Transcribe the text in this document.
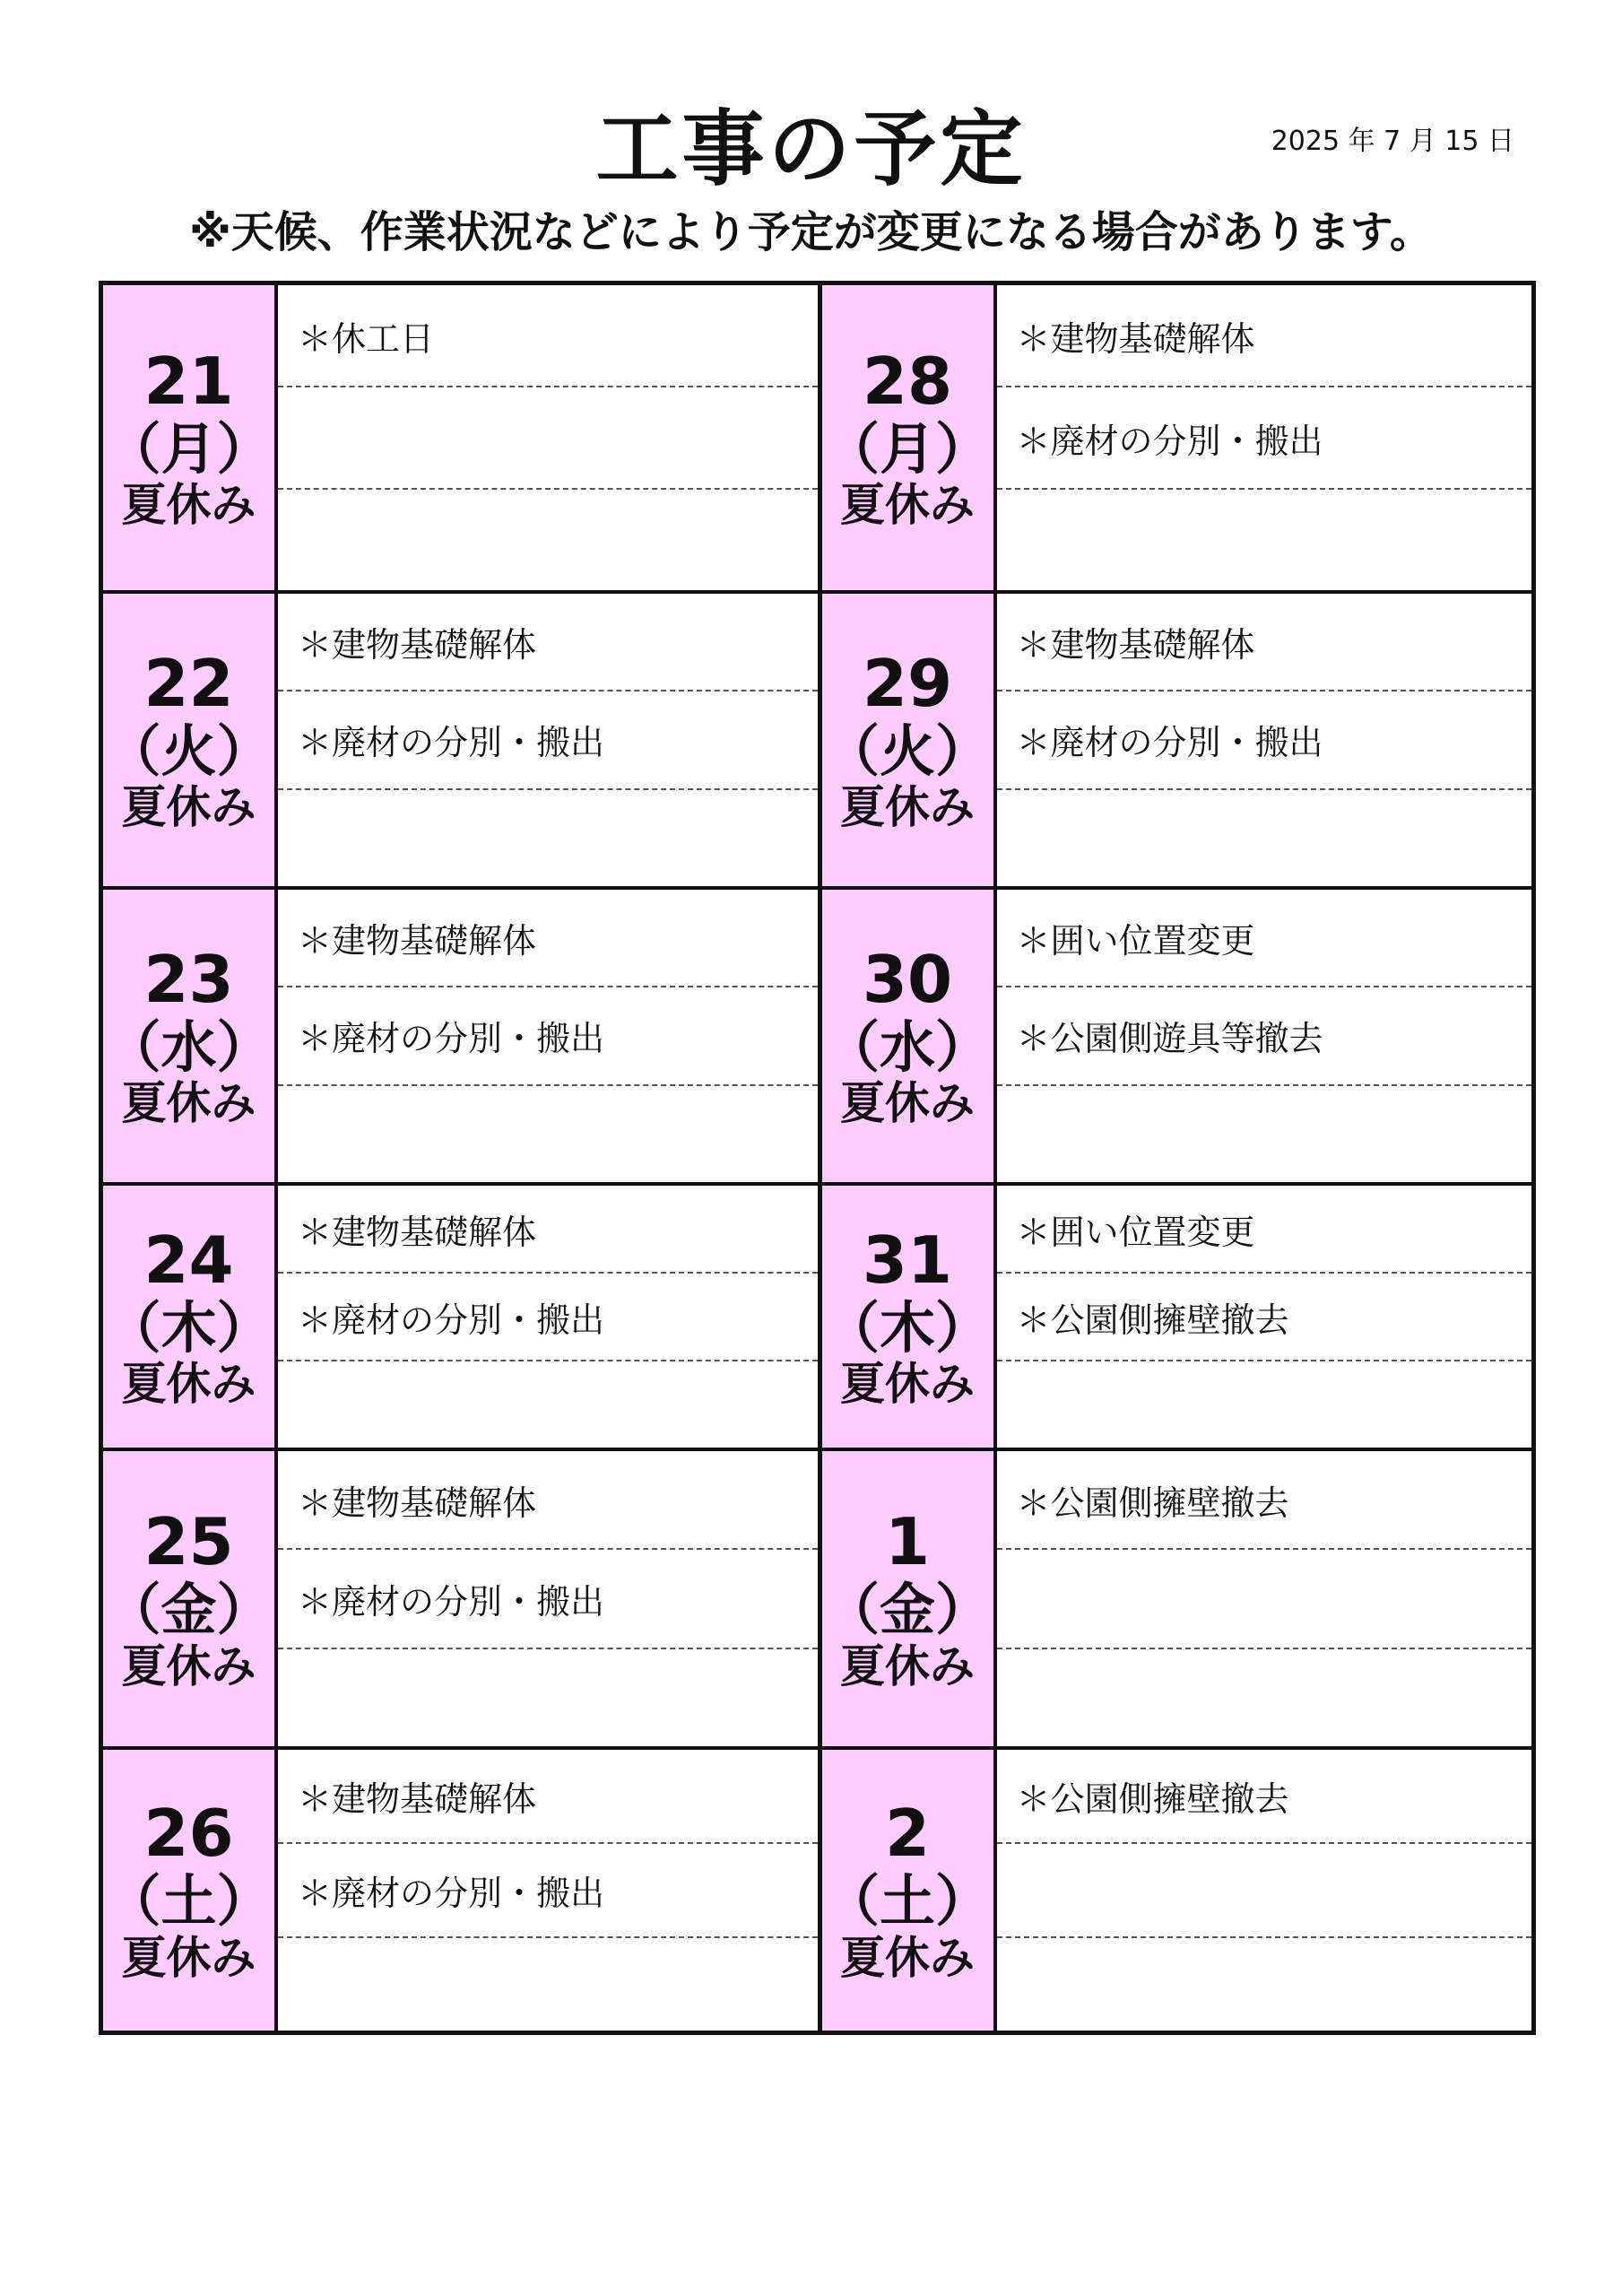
工事の予定	2025 年 7 月 15 日
※天候、作業状況などにより予定が変更になる場合があります。
21
（月）
夏休み
＊休工日
28
（月）
夏休み
＊建物基礎解体
＊廃材の分別・搬出
22
（火）
夏休み
＊建物基礎解体
＊廃材の分別・搬出
29
（火）
夏休み
＊建物基礎解体
＊廃材の分別・搬出
23
（水）
夏休み
＊建物基礎解体
＊廃材の分別・搬出
30
（水）
夏休み
＊囲い位置変更
＊公園側遊具等撤去
24
（木）
夏休み
＊建物基礎解体
＊廃材の分別・搬出
31
（木）
夏休み
＊囲い位置変更
＊公園側擁壁撤去
25
（金）
夏休み
＊建物基礎解体
＊廃材の分別・搬出
1
（金）
夏休み
＊公園側擁壁撤去
26
（土）
夏休み
＊建物基礎解体
＊廃材の分別・搬出
2
（土）
夏休み
＊公園側擁壁撤去
